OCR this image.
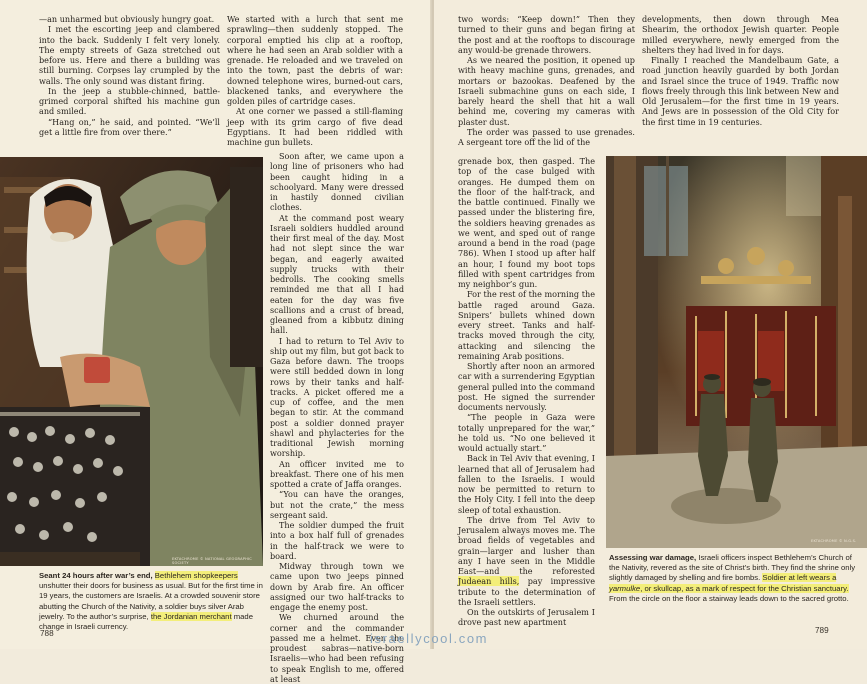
—an unharmed but obviously hungry goat.

I met the escorting jeep and clambered into the back. Suddenly I felt very lonely. The empty streets of Gaza stretched out before us. Here and there a building was still burning. Corpses lay crumpled by the walls. The only sound was distant firing.

In the jeep a stubble-chinned, battle-grimed corporal shifted his machine gun and smiled.

“Hang on,” he said, and pointed. “We’ll get a little fire from over there.”

We started with a lurch that sent me sprawling—then suddenly stopped. The corporal emptied his clip at a rooftop, where he had seen an Arab soldier with a grenade. He reloaded and we traveled on into the town, past the debris of war: downed telephone wires, burned-out cars, blackened tanks, and everywhere the golden piles of cartridge cases.

At one corner we passed a still-flaming jeep with its grim cargo of five dead Egyptians. It had been riddled with machine gun bullets.

EKTACHROME © NATIONAL GEOGRAPHIC SOCIETY

Soon after, we came upon a long line of prisoners who had been caught hiding in a schoolyard. Many were dressed in hastily donned civilian clothes.

At the command post weary Israeli soldiers huddled around their first meal of the day. Most had not slept since the war began, and eagerly awaited supply trucks with their bedrolls. The cooking smells reminded me that all I had eaten for the day was five scallions and a crust of bread, gleaned from a kibbutz dining hall.

I had to return to Tel Aviv to ship out my film, but got back to Gaza before dawn. The troops were still bedded down in long rows by their tanks and half-tracks. A picket offered me a cup of coffee, and the men began to stir. At the command post a soldier donned prayer shawl and phylacteries for the traditional Jewish morning worship.

An officer invited me to breakfast. There one of his men spotted a crate of Jaffa oranges.

“You can have the oranges, but not the crate,” the mess sergeant said.

The soldier dumped the fruit into a box half full of grenades in the half-track we were to board.

Midway through town we came upon two jeeps pinned down by Arab fire. An officer assigned our two half-tracks to engage the enemy post.

We churned around the corner and the commander passed me a helmet. Even the proudest sabras—native-born Israelis—who had been refusing to speak English to me, offered at least

Seant 24 hours after war’s end, Bethlehem shopkeepers unshutter their doors for business as usual. But for the first time in 19 years, the customers are Israelis. At a crowded souvenir store abutting the Church of the Nativity, a soldier buys silver Arab jewelry. To the author’s surprise, the Jordanian merchant made change in Israeli currency.
788

two words: “Keep down!” Then they turned to their guns and began firing at the post and at the rooftops to discourage any would-be grenade throwers.

As we neared the position, it opened up with heavy machine guns, grenades, and mortars or bazookas. Deafened by the Israeli submachine guns on each side, I barely heard the shell that hit a wall behind me, covering my cameras with plaster dust.

The order was passed to use grenades. A sergeant tore off the lid of the

grenade box, then gasped. The top of the case bulged with oranges. He dumped them on the floor of the half-track, and the battle continued. Finally we passed under the blistering fire, the soldiers heaving grenades as we went, and sped out of range around a bend in the road (page 786). When I stood up after half an hour, I found my boot tops filled with spent cartridges from my neighbor’s gun.

For the rest of the morning the battle raged around Gaza. Snipers’ bullets whined down every street. Tanks and half-tracks moved through the city, attacking and silencing the remaining Arab positions.

Shortly after noon an armored car with a surrendering Egyptian general pulled into the command post. He signed the surrender documents nervously.

“The people in Gaza were totally unprepared for the war,” he told us. “No one believed it would actually start.”

Back in Tel Aviv that evening, I learned that all of Jerusalem had fallen to the Israelis. I would now be permitted to return to the Holy City. I fell into the deep sleep of total exhaustion.

The drive from Tel Aviv to Jerusalem always moves me. The broad fields of vegetables and grain—larger and lusher than any I have seen in the Middle East—and the reforested Judaean hills, pay impressive tribute to the determination of the Israeli settlers.

On the outskirts of Jerusalem I drove past new apartment

developments, then down through Mea Shearim, the orthodox Jewish quarter. People milled everywhere, newly emerged from the shelters they had lived in for days.

Finally I reached the Mandelbaum Gate, a road junction heavily guarded by both Jordan and Israel since the truce of 1949. Traffic now flows freely through this link between New and Old Jerusalem—for the first time in 19 years. And Jews are in possession of the Old City for the first time in 19 centuries.

EKTACHROME © N.G.S.
Assessing war damage, Israeli officers inspect Bethlehem’s Church of the Nativity, revered as the site of Christ’s birth. They find the shrine only slightly damaged by shelling and fire bombs. Soldier at left wears a yarmulke, or skullcap, as a mark of respect for the Christian sanctuary. From the circle on the floor a stairway leads down to the sacred grotto.
789
israellycool.com
